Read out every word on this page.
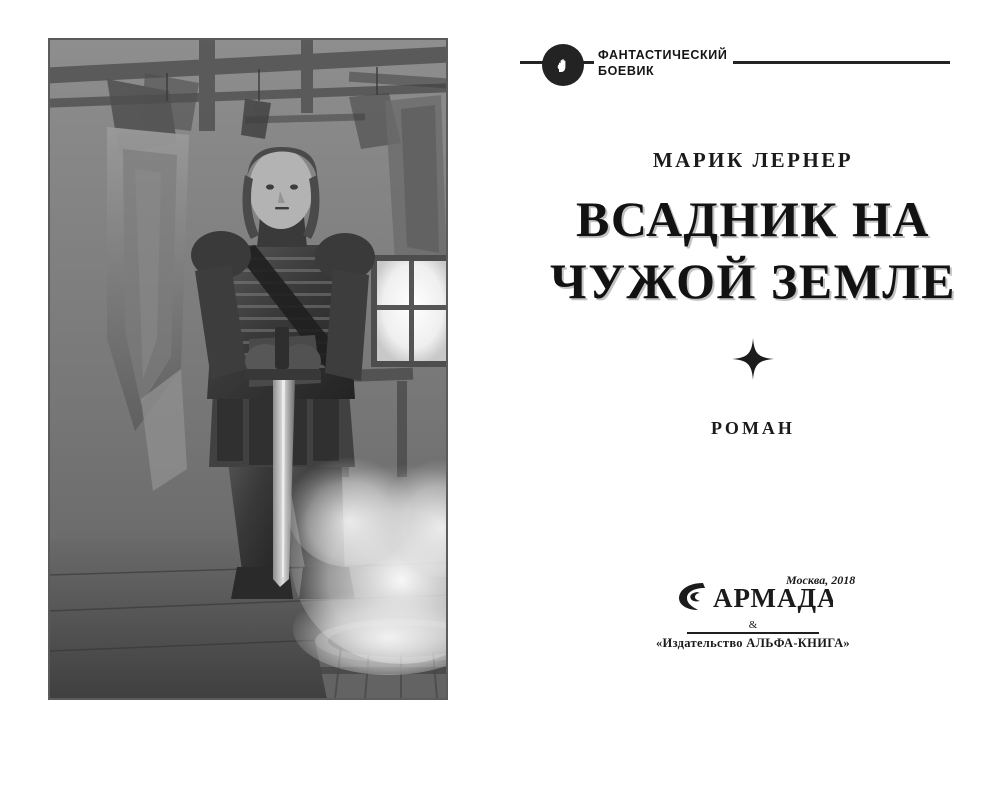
ФАНТАСТИЧЕСКИЙ
БОЕВИК
МАРИК ЛЕРНЕР
ВСАДНИК НА
ЧУЖОЙ ЗЕМЛЕ
РОМАН
Москва, 2018
АРМАДА
&
«Издательство АЛЬФА-КНИГА»
